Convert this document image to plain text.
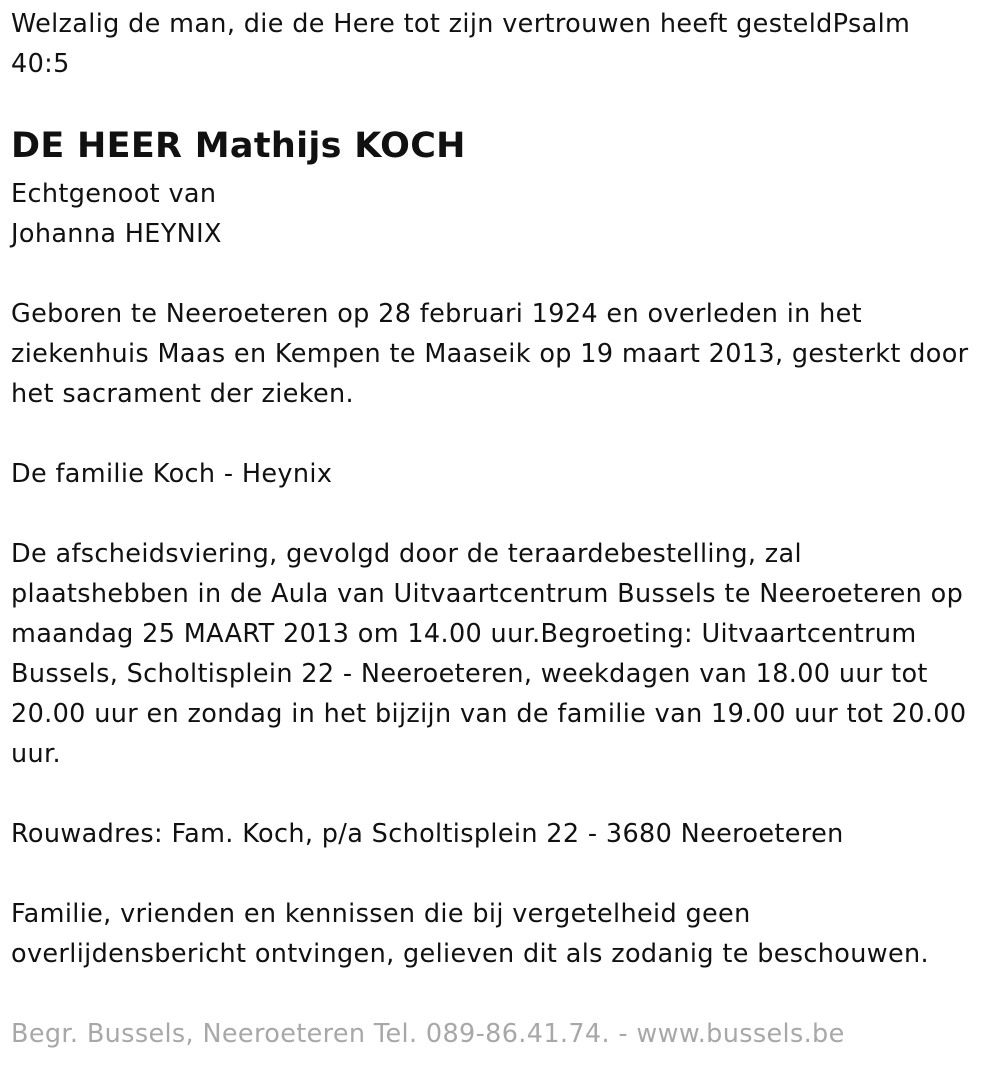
Welzalig de man, die de Here tot zijn vertrouwen heeft gesteldPsalm
40:5
DE HEER Mathijs KOCH
Echtgenoot van
Johanna HEYNIX
Geboren te Neeroeteren op 28 februari 1924 en overleden in het
ziekenhuis Maas en Kempen te Maaseik op 19 maart 2013, gesterkt door
het sacrament der zieken.
De familie Koch - Heynix
De afscheidsviering, gevolgd door de teraardebestelling, zal
plaatshebben in de Aula van Uitvaartcentrum Bussels te Neeroeteren op
maandag 25 MAART 2013 om 14.00 uur.Begroeting: Uitvaartcentrum
Bussels, Scholtisplein 22 - Neeroeteren, weekdagen van 18.00 uur tot
20.00 uur en zondag in het bijzijn van de familie van 19.00 uur tot 20.00
uur.
Rouwadres: Fam. Koch, p/a Scholtisplein 22 - 3680 Neeroeteren
Familie, vrienden en kennissen die bij vergetelheid geen
overlijdensbericht ontvingen, gelieven dit als zodanig te beschouwen.
Begr. Bussels, Neeroeteren Tel. 089-86.41.74. - www.bussels.be
